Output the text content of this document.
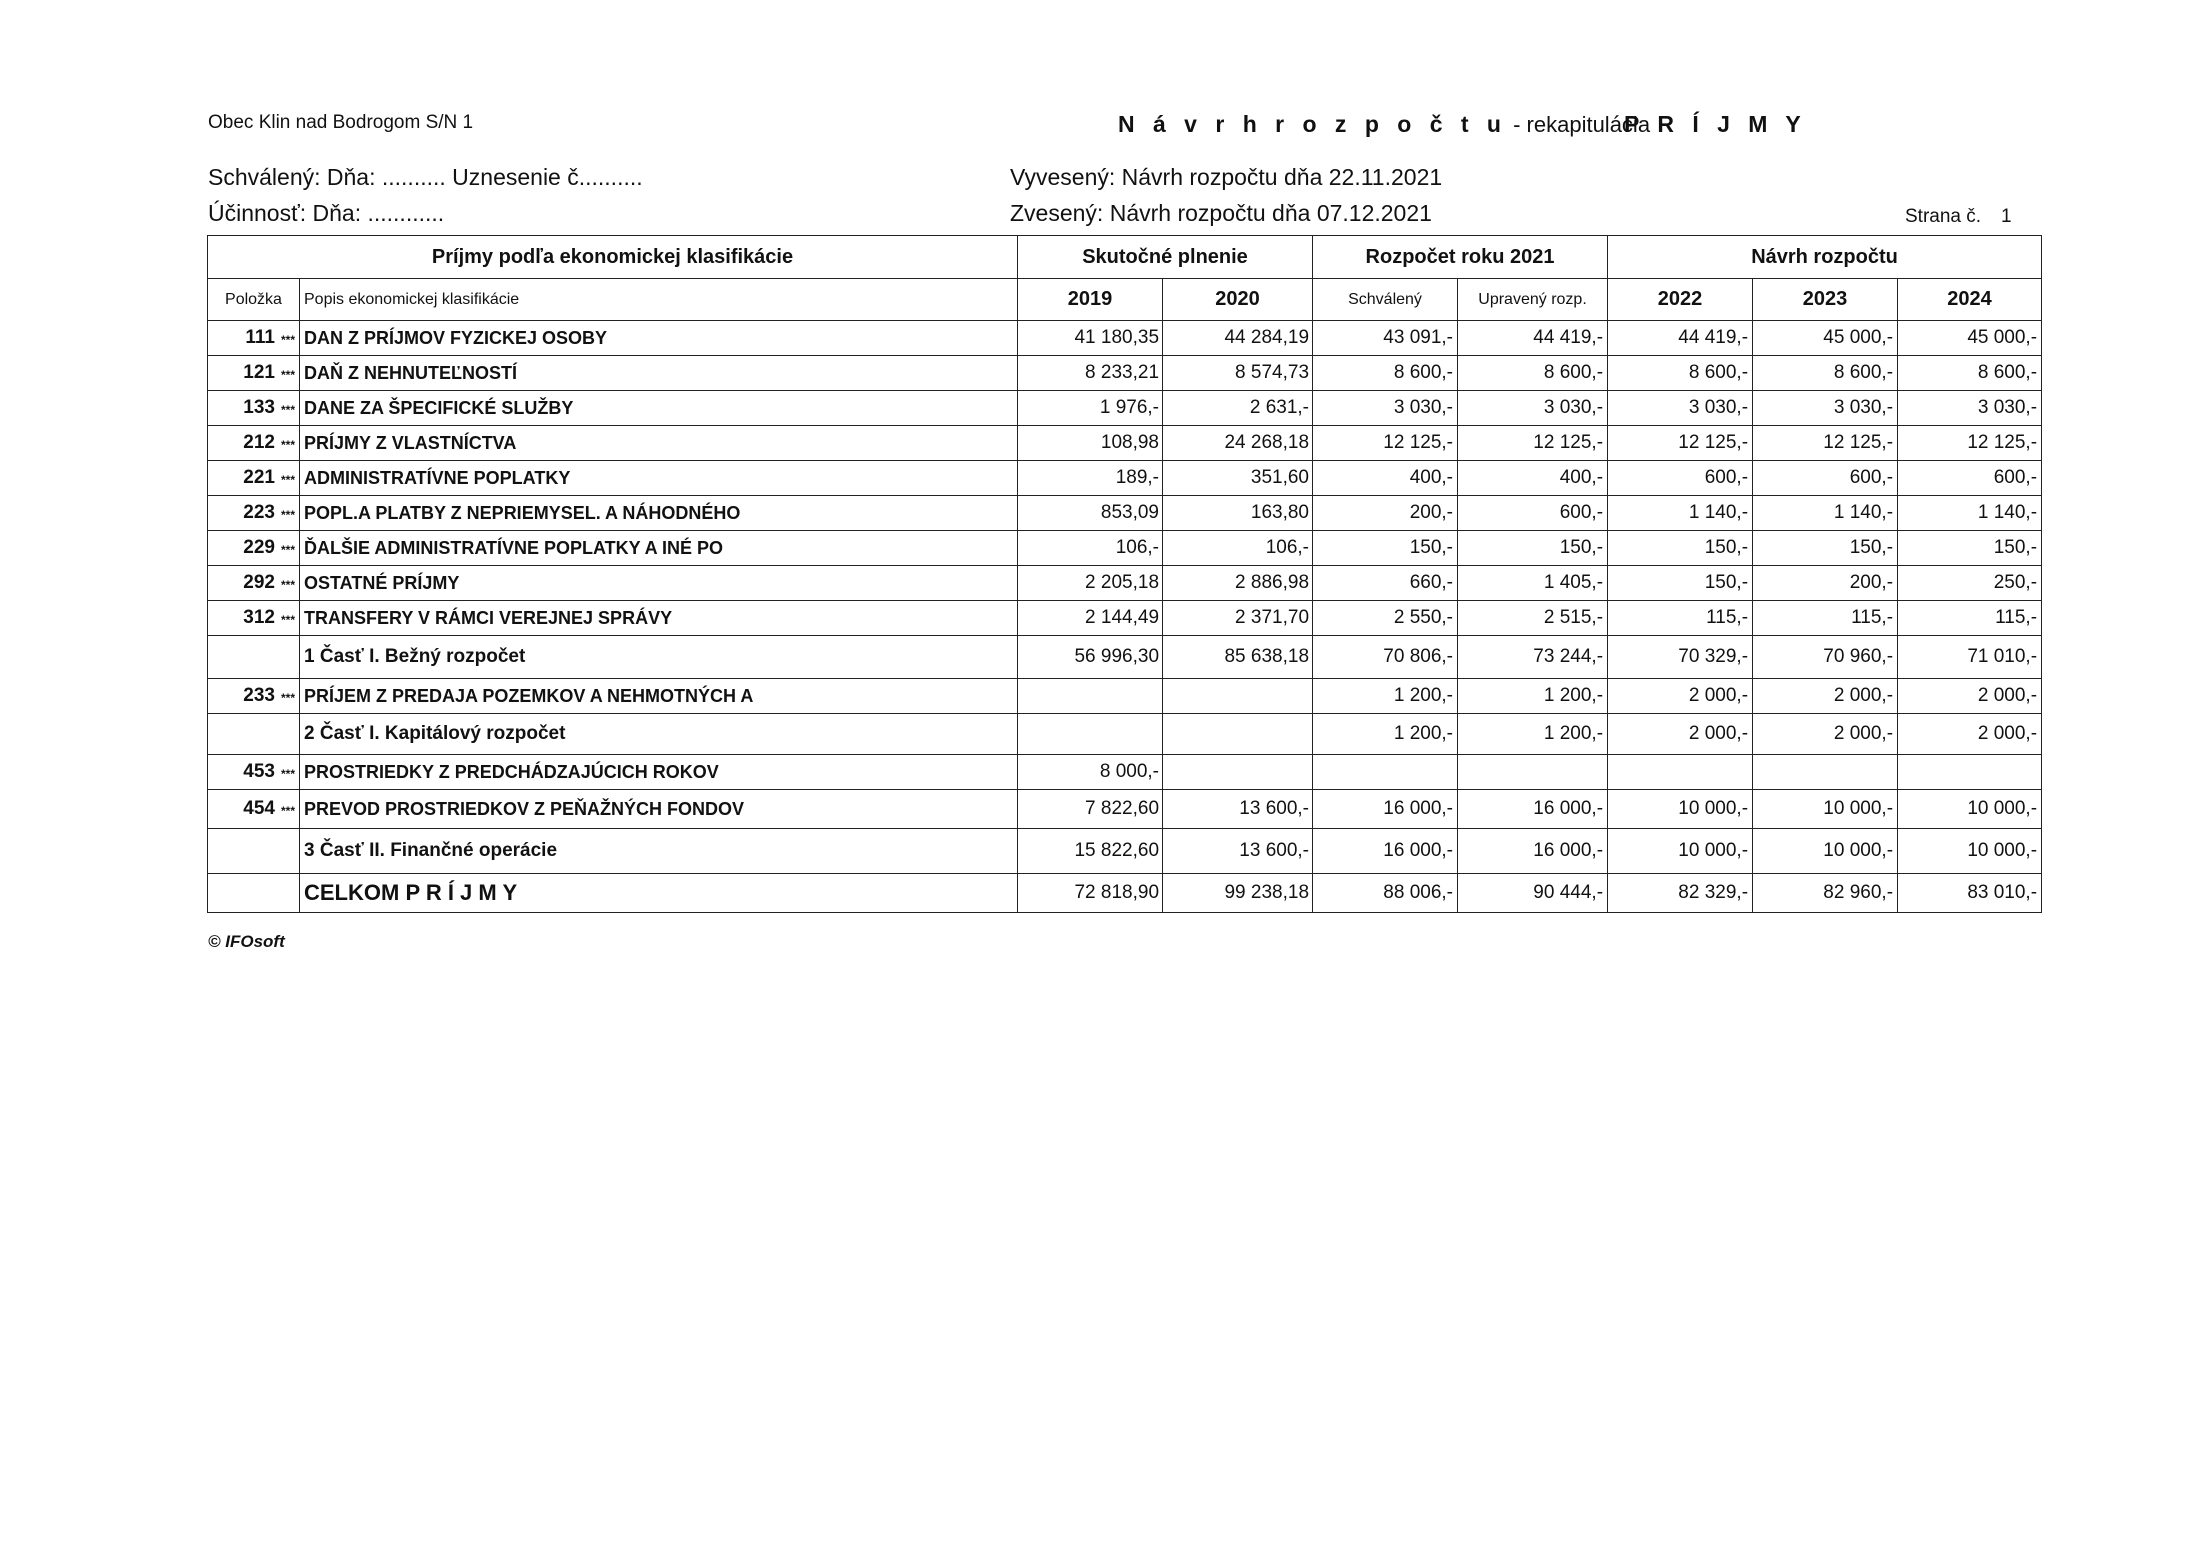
Obec Klin nad Bodrogom S/N 1	N á v r h r o z p o č t u - rekapitulácia
P R Í J M Y
Schválený: Dňa: .......... Uznesenie č..........
Účinnosť: Dňa: ............
Vyvesený: Návrh rozpočtu dňa 22.11.2021
Zvesený: Návrh rozpočtu dňa 07.12.2021	Strana č. 1
Príjmy podľa ekonomickej klasifikácie		Skutočné plnenie		Rozpočet roku 2021		Návrh rozpočtu		
Položka	Popis ekonomickej klasifikácie	2019	2020	Schválený	Upravený rozp.	2022	2023	2024
111 ***	DAN Z PRÍJMOV FYZICKEJ OSOBY	41 180,35	44 284,19	43 091,-	44 419,-	44 419,-	45 000,-	45 000,-
121 ***	DAŇ Z NEHNUTEĽNOSTÍ	8 233,21	8 574,73	8 600,-	8 600,-	8 600,-	8 600,-	8 600,-
133 ***	DANE ZA ŠPECIFICKÉ SLUŽBY	1 976,-	2 631,-	3 030,-	3 030,-	3 030,-	3 030,-	3 030,-
212 ***	PRÍJMY Z VLASTNÍCTVA	108,98	24 268,18	12 125,-	12 125,-	12 125,-	12 125,-	12 125,-
221 ***	ADMINISTRATÍVNE POPLATKY	189,-	351,60	400,-	400,-	600,-	600,-	600,-
223 ***	POPL.A PLATBY Z NEPRIEMYSEL. A NÁHODNÉHO	853,09	163,80	200,-	600,-	1 140,-	1 140,-	1 140,-
229 ***	ĎALŠIE ADMINISTRATÍVNE POPLATKY A INÉ PO	106,-	106,-	150,-	150,-	150,-	150,-	150,-
292 ***	OSTATNÉ PRÍJMY	2 205,18	2 886,98	660,-	1 405,-	150,-	200,-	250,-
312 ***	TRANSFERY V RÁMCI VEREJNEJ SPRÁVY	2 144,49	2 371,70	2 550,-	2 515,-	115,-	115,-	115,-
	1 Časť I. Bežný rozpočet	56 996,30	85 638,18	70 806,-	73 244,-	70 329,-	70 960,-	71 010,-
233 ***	PRÍJEM Z PREDAJA POZEMKOV A NEHMOTNÝCH A			1 200,-	1 200,-	2 000,-	2 000,-	2 000,-
	2 Časť I. Kapitálový rozpočet			1 200,-	1 200,-	2 000,-	2 000,-	2 000,-
453 ***	PROSTRIEDKY Z PREDCHÁDZAJÚCICH ROKOV	8 000,-						
454 ***	PREVOD PROSTRIEDKOV Z PEŇAŽNÝCH FONDOV	7 822,60	13 600,-	16 000,-	16 000,-	10 000,-	10 000,-	10 000,-
	3 Časť II. Finančné operácie	15 822,60	13 600,-	16 000,-	16 000,-	10 000,-	10 000,-	10 000,-
	CELKOM P R Í J M Y	72 818,90	99 238,18	88 006,-	90 444,-	82 329,-	82 960,-	83 010,-
© IFOsoft
